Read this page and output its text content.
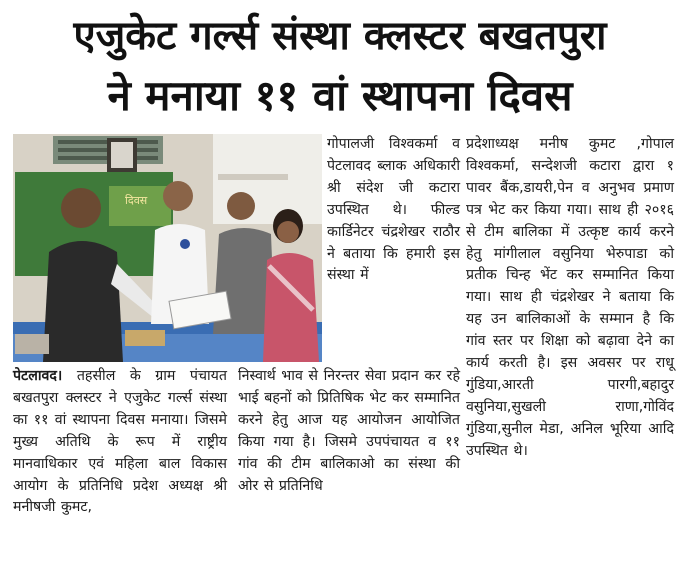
एजुकेट गर्ल्स संस्था क्लस्टर बखतपुरा
ने मनाया ११ वां स्थापना दिवस
दिवस

पेटलावद। तहसील के ग्राम पंचायत बखतपुरा क्लस्टर ने एजुकेट गर्ल्स संस्था का ११ वां स्थापना दिवस मनाया। जिसमे मुख्य अतिथि के रूप में राष्ट्रीय मानवाधिकार एवं महिला बाल विकास आयोग के प्रतिनिधि प्रदेश अध्यक्ष श्री मनीषजी कुमट,

गोपालजी विश्वकर्मा व पेटलावद ब्लाक अधिकारी श्री संदेश जी कटारा उपस्थित थे। फील्ड कार्डिनेटर चंद्रशेखर राठौर ने बताया कि हमारी इस संस्था में

निस्वार्थ भाव से निरन्तर सेवा प्रदान कर रहे भाई बहनों को प्रितिषिक भेट कर सम्मानित करने हेतु आज यह आयोजन आयोजित किया गया है। जिसमे उपपंचायत व ११ गांव की टीम बालिकाओ का संस्था की ओर से प्रतिनिधि

प्रदेशाध्यक्ष मनीष कुमट ,गोपाल विश्वकर्मा, सन्देशजी कटारा द्वारा १ पावर बैंक,डायरी,पेन व अनुभव प्रमाण पत्र भेट कर किया गया। साथ ही २०१६ से टीम बालिका में उत्कृष्ट कार्य करने हेतु मांगीलाल वसुनिया भेरुपाडा को प्रतीक चिन्ह भेंट कर सम्मानित किया गया। साथ ही चंद्रशेखर ने बताया कि यह उन बालिकाओं के सम्मान है कि गांव स्तर पर शिक्षा को बढ़ावा देने का कार्य करती है। इस अवसर पर राधू गुंडिया,आरती पारगी,बहादुर वसुनिया,सुखली राणा,गोविंद गुंडिया,सुनील मेडा, अनिल भूरिया आदि उपस्थित थे।
